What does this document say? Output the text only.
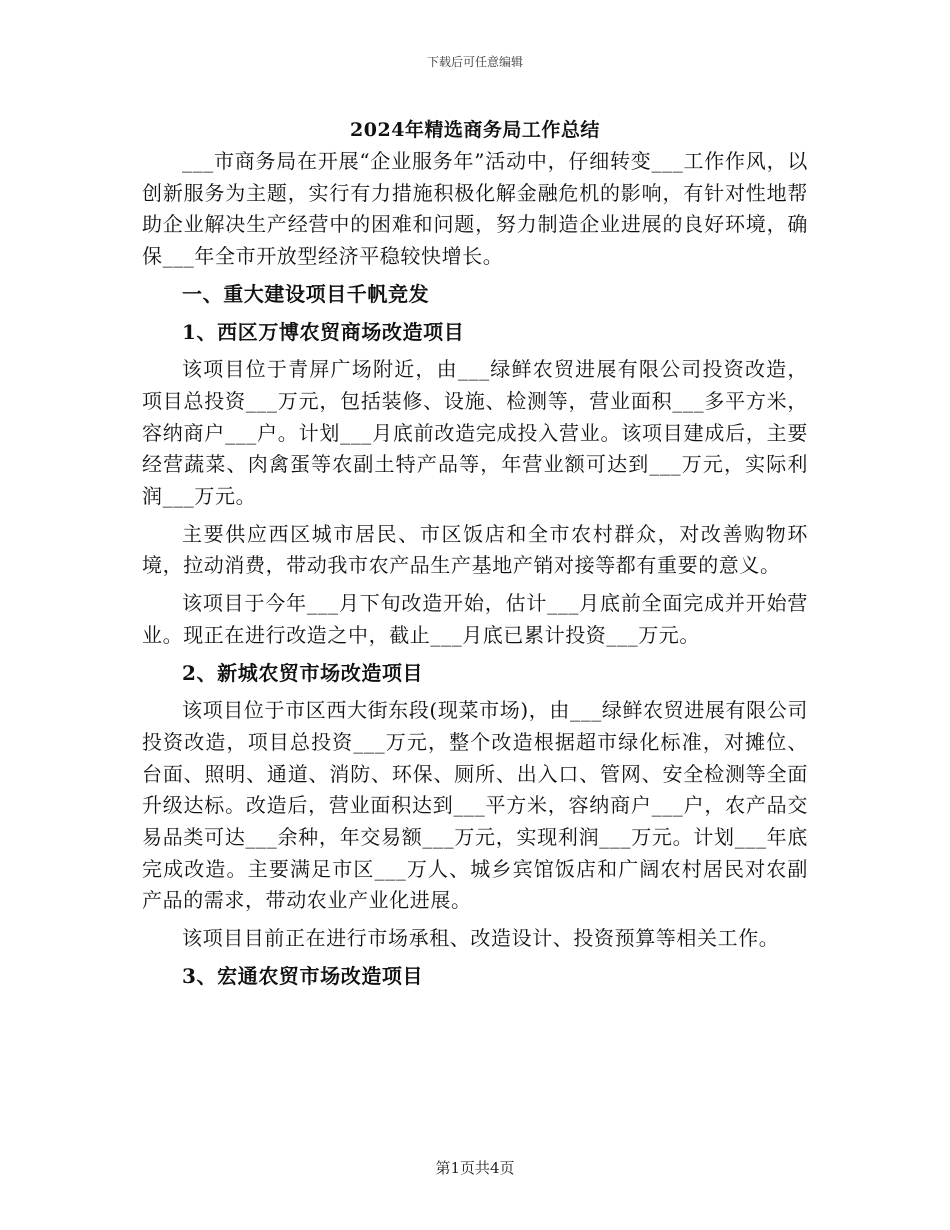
下载后可任意编辑
2024年精选商务局工作总结

___市商务局在开展“企业服务年”活动中，仔细转变___工作作风，以创新服务为主题，实行有力措施积极化解金融危机的影响，有针对性地帮助企业解决生产经营中的困难和问题，努力制造企业进展的良好环境，确保___年全市开放型经济平稳较快增长。

一、重大建设项目千帆竞发

1、西区万博农贸商场改造项目

该项目位于青屏广场附近，由___绿鲜农贸进展有限公司投资改造，项目总投资___万元，包括装修、设施、检测等，营业面积___多平方米，容纳商户___户。计划___月底前改造完成投入营业。该项目建成后，主要经营蔬菜、肉禽蛋等农副土特产品等，年营业额可达到___万元，实际利润___万元。

主要供应西区城市居民、市区饭店和全市农村群众，对改善购物环境，拉动消费，带动我市农产品生产基地产销对接等都有重要的意义。

该项目于今年___月下旬改造开始，估计___月底前全面完成并开始营业。现正在进行改造之中，截止___月底已累计投资___万元。

2、新城农贸市场改造项目

该项目位于市区西大街东段(现菜市场)，由___绿鲜农贸进展有限公司投资改造，项目总投资___万元，整个改造根据超市绿化标准，对摊位、台面、照明、通道、消防、环保、厕所、出入口、管网、安全检测等全面升级达标。改造后，营业面积达到___平方米，容纳商户___户，农产品交易品类可达___余种，年交易额___万元，实现利润___万元。计划___年底完成改造。主要满足市区___万人、城乡宾馆饭店和广阔农村居民对农副产品的需求，带动农业产业化进展。

该项目目前正在进行市场承租、改造设计、投资预算等相关工作。

3、宏通农贸市场改造项目

第1页共4页
